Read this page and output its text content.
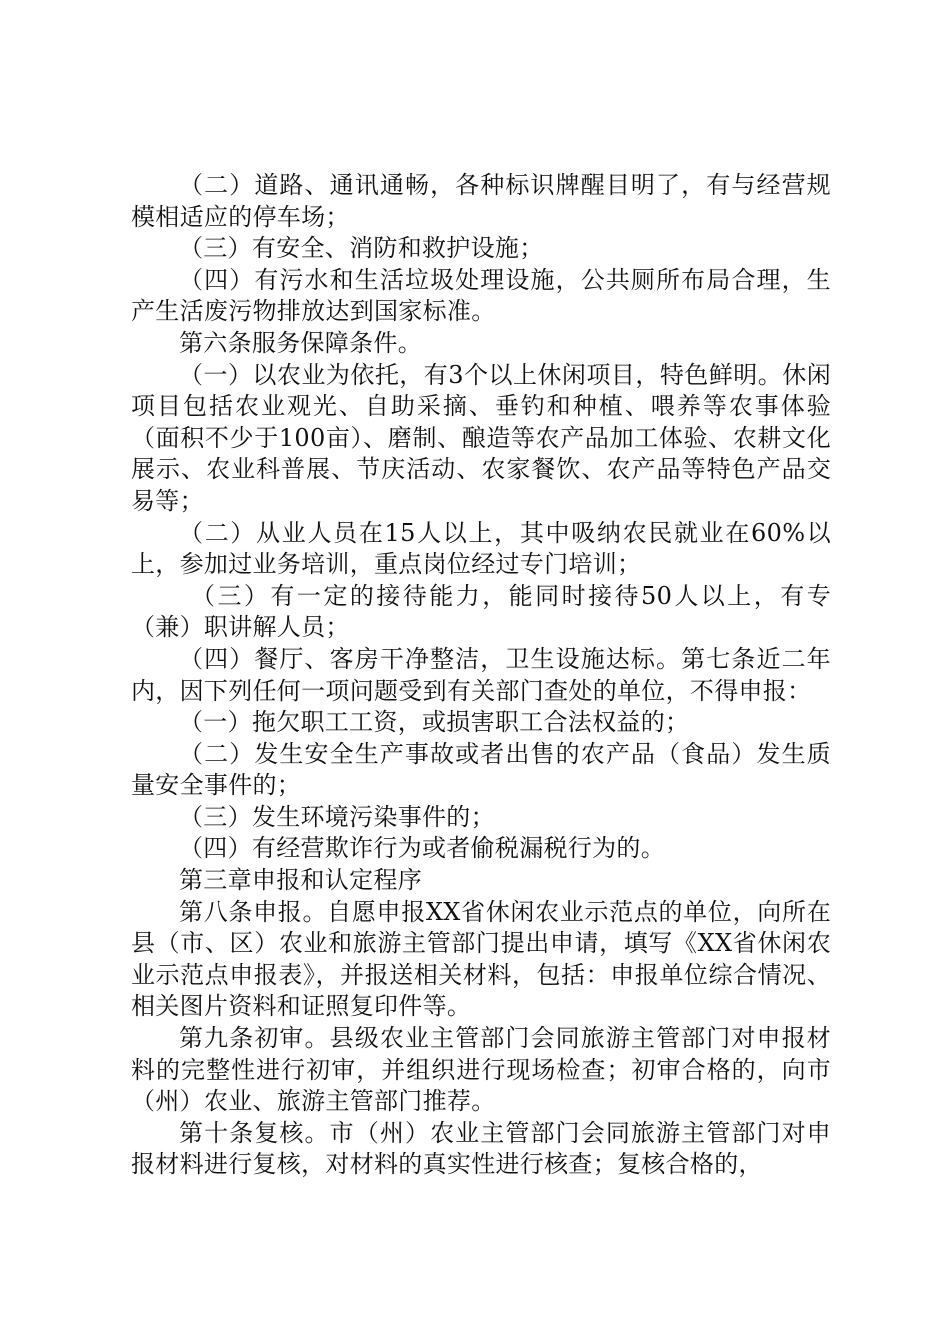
（二）道路、通讯通畅，各种标识牌醒目明了，有与经营规模相适应的停车场；

（三）有安全、消防和救护设施；

（四）有污水和生活垃圾处理设施，公共厕所布局合理，生产生活废污物排放达到国家标准。

第六条服务保障条件。

（一）以农业为依托，有3个以上休闲项目，特色鲜明。休闲项目包括农业观光、自助采摘、垂钓和种植、喂养等农事体验（面积不少于100亩）、磨制、酿造等农产品加工体验、农耕文化展示、农业科普展、节庆活动、农家餐饮、农产品等特色产品交易等；

（二）从业人员在15人以上，其中吸纳农民就业在60%以上，参加过业务培训，重点岗位经过专门培训；

（三）有一定的接待能力，能同时接待50人以上，有专（兼）职讲解人员；

（四）餐厅、客房干净整洁，卫生设施达标。第七条近二年内，因下列任何一项问题受到有关部门查处的单位，不得申报：

（一）拖欠职工工资，或损害职工合法权益的；

（二）发生安全生产事故或者出售的农产品（食品）发生质量安全事件的；

（三）发生环境污染事件的；

（四）有经营欺诈行为或者偷税漏税行为的。

第三章申报和认定程序

第八条申报。自愿申报XX省休闲农业示范点的单位，向所在县（市、区）农业和旅游主管部门提出申请，填写《XX省休闲农业示范点申报表》，并报送相关材料，包括：申报单位综合情况、相关图片资料和证照复印件等。

第九条初审。县级农业主管部门会同旅游主管部门对申报材料的完整性进行初审，并组织进行现场检查；初审合格的，向市（州）农业、旅游主管部门推荐。

第十条复核。市（州）农业主管部门会同旅游主管部门对申报材料进行复核，对材料的真实性进行核查；复核合格的，
